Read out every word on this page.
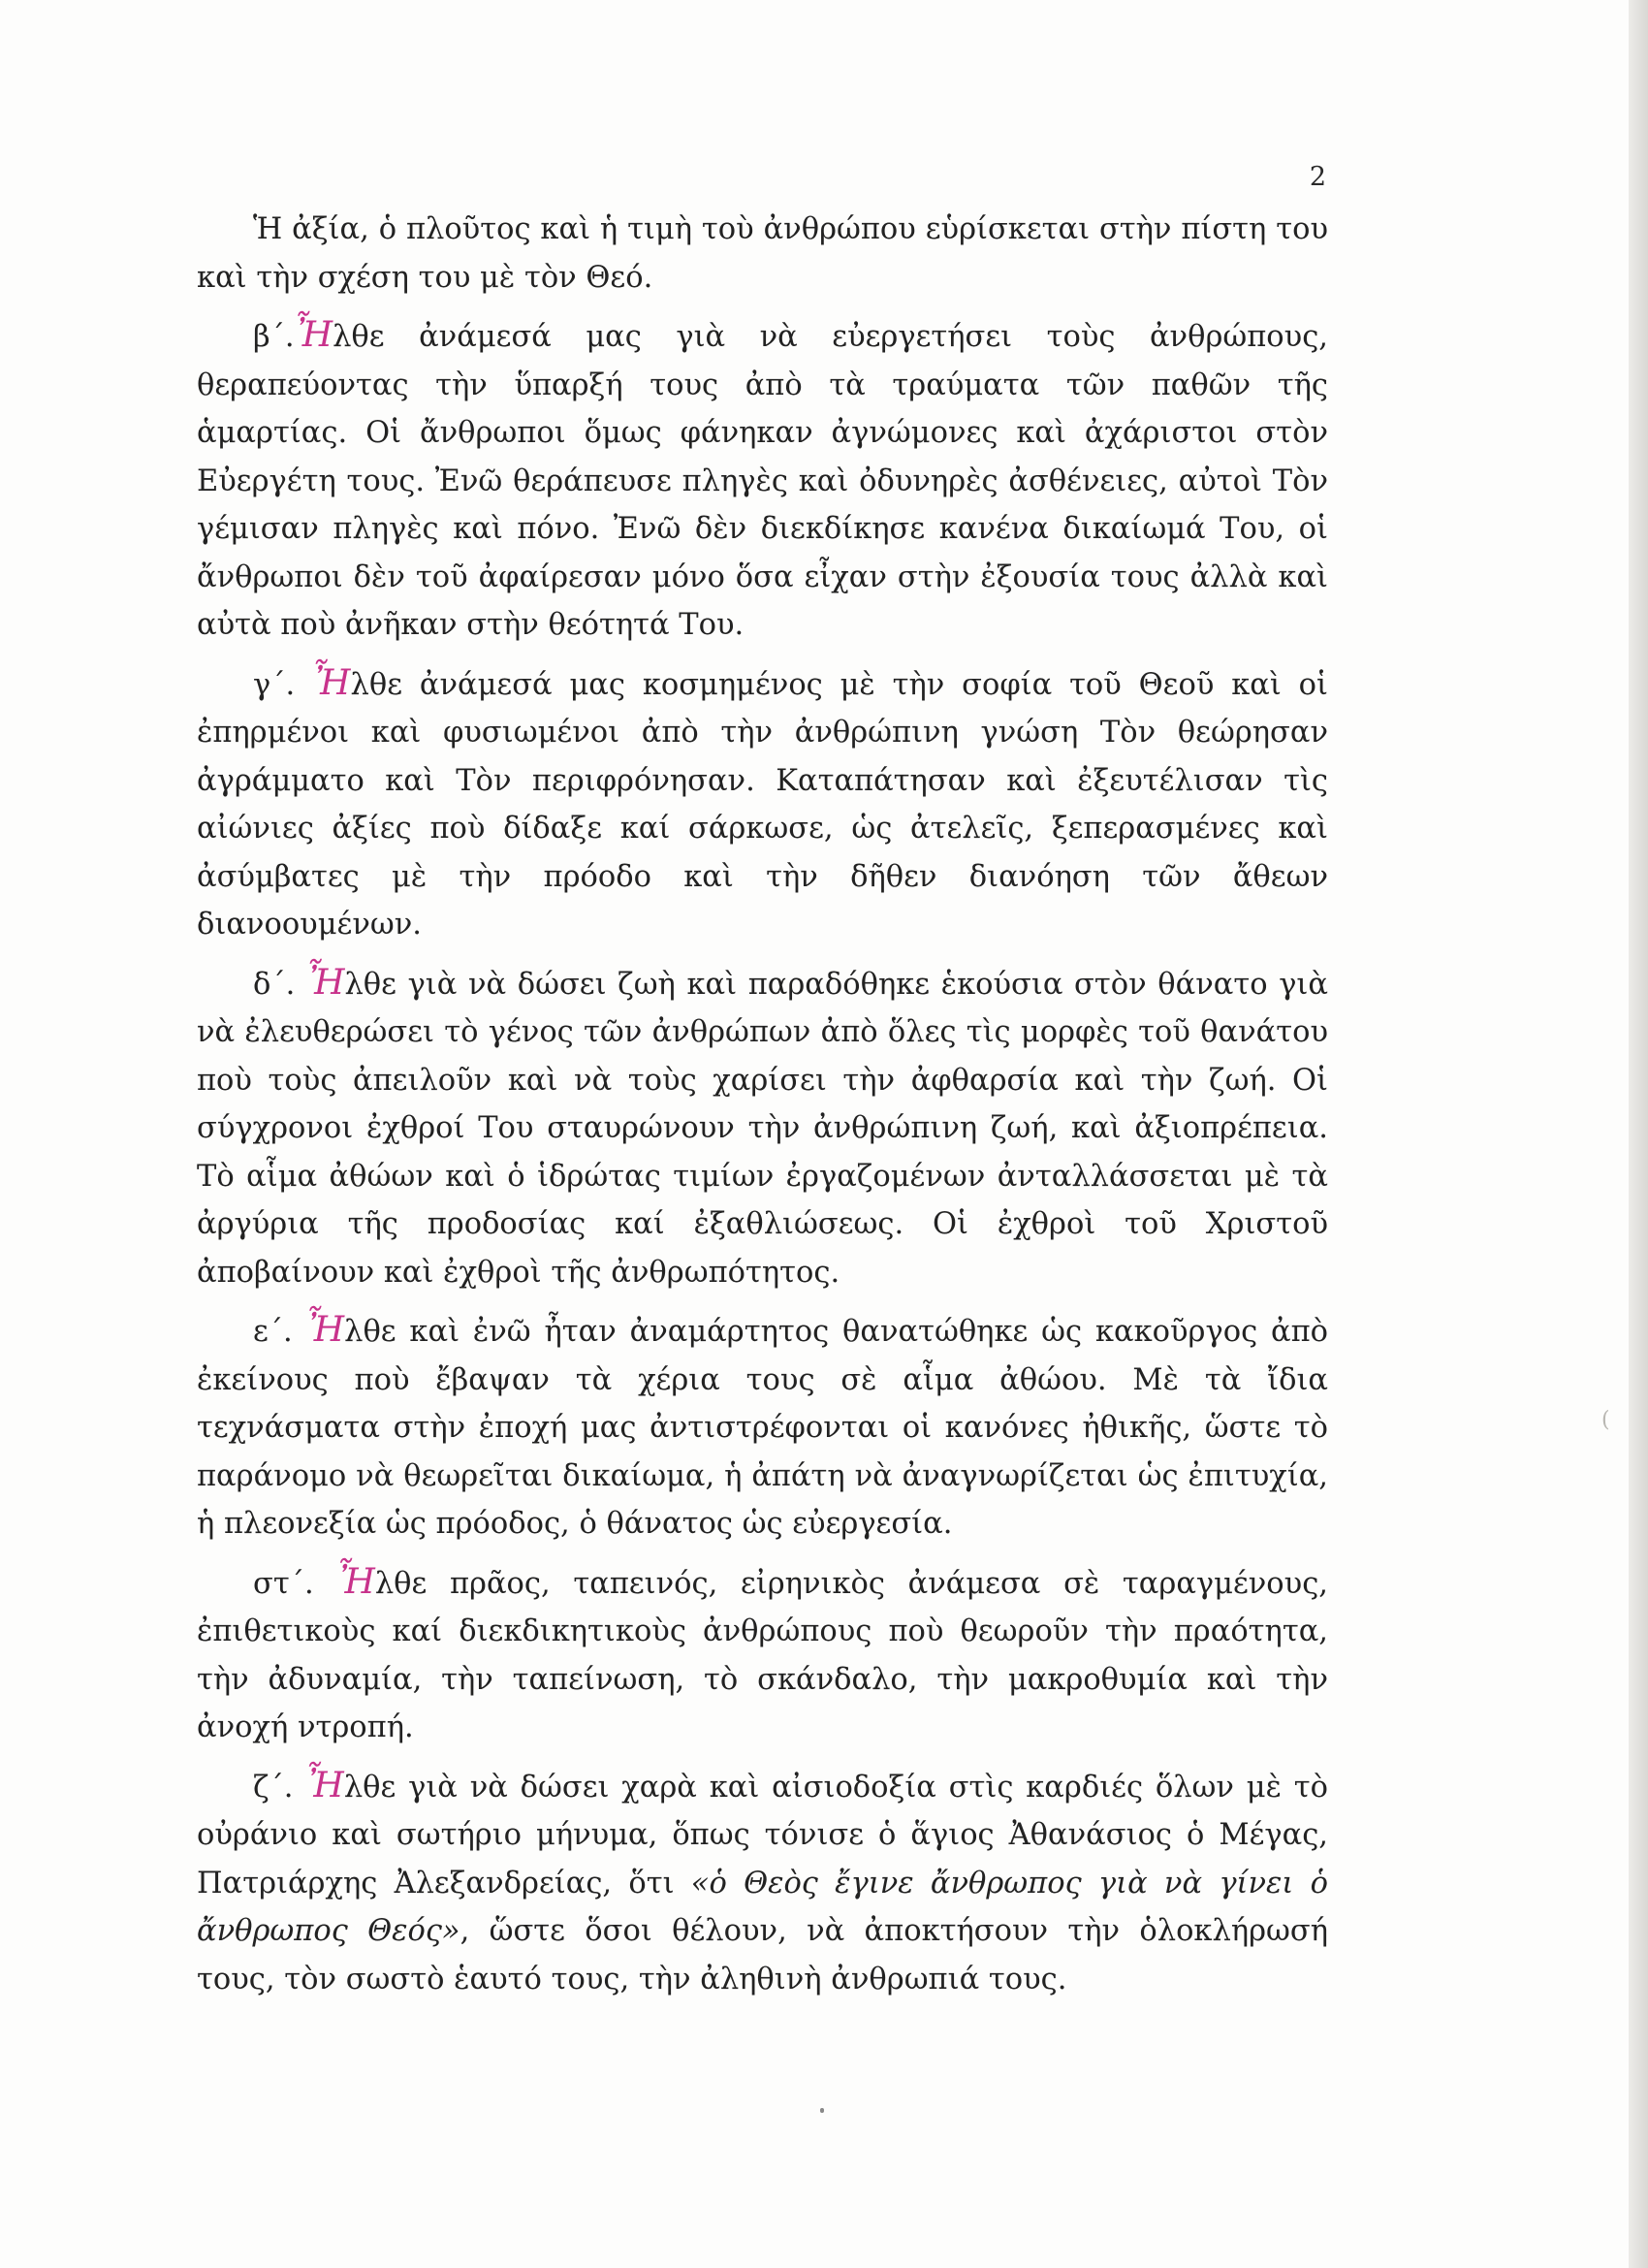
2

Ἡ ἀξία, ὁ πλοῦτος καὶ ἡ τιμὴ τοὺ ἀνθρώπου εὑρίσκεται στὴν πίστη του καὶ τὴν σχέση του μὲ τὸν Θεό.

β΄.Ἦλθε ἀνάμεσά μας γιὰ νὰ εὐεργετήσει τοὺς ἀνθρώπους, θεραπεύοντας τὴν ὕπαρξή τους ἀπὸ τὰ τραύματα τῶν παθῶν τῆς ἁμαρτίας. Οἱ ἄνθρωποι ὅμως φάνηκαν ἀγνώμονες καὶ ἀχάριστοι στὸν Εὐεργέτη τους. Ἐνῶ θεράπευσε πληγὲς καὶ ὀδυνηρὲς ἀσθένειες, αὐτοὶ Τὸν γέμισαν πληγὲς καὶ πόνο. Ἐνῶ δὲν διεκδίκησε κανένα δικαίωμά Του, οἱ ἄνθρωποι δὲν τοῦ ἀφαίρεσαν μόνο ὅσα εἶχαν στὴν ἐξουσία τους ἀλλὰ καὶ αὐτὰ ποὺ ἀνῆκαν στὴν θεότητά Του.

γ΄. Ἦλθε ἀνάμεσά μας κοσμημένος μὲ τὴν σοφία τοῦ Θεοῦ καὶ οἱ ἐπηρμένοι καὶ φυσιωμένοι ἀπὸ τὴν ἀνθρώπινη γνώση Τὸν θεώρησαν ἀγράμματο καὶ Τὸν περιφρόνησαν. Καταπάτησαν καὶ ἐξευτέλισαν τὶς αἰώνιες ἀξίες ποὺ δίδαξε καί σάρκωσε, ὡς ἀτελεῖς, ξεπερασμένες καὶ ἀσύμβατες μὲ τὴν πρόοδο καὶ τὴν δῆθεν διανόηση τῶν ἄθεων διανοουμένων.

δ΄. Ἦλθε γιὰ νὰ δώσει ζωὴ καὶ παραδόθηκε ἑκούσια στὸν θάνατο γιὰ νὰ ἐλευθερώσει τὸ γένος τῶν ἀνθρώπων ἀπὸ ὅλες τὶς μορφὲς τοῦ θανάτου ποὺ τοὺς ἀπειλοῦν καὶ νὰ τοὺς χαρίσει τὴν ἀφθαρσία καὶ τὴν ζωή. Οἱ σύγχρονοι ἐχθροί Του σταυρώνουν τὴν ἀνθρώπινη ζωή, καὶ ἀξιοπρέπεια. Τὸ αἷμα ἀθώων καὶ ὁ ἱδρώτας τιμίων ἐργαζομένων ἀνταλλάσσεται μὲ τὰ ἀργύρια τῆς προδοσίας καί ἐξαθλιώσεως. Οἱ ἐχθροὶ τοῦ Χριστοῦ ἀποβαίνουν καὶ ἐχθροὶ τῆς ἀνθρωπότητος.

ε΄. Ἦλθε καὶ ἐνῶ ἦταν ἀναμάρτητος θανατώθηκε ὡς κακοῦργος ἀπὸ ἐκείνους ποὺ ἔβαψαν τὰ χέρια τους σὲ αἷμα ἀθώου. Μὲ τὰ ἴδια τεχνάσματα στὴν ἐποχή μας ἀντιστρέφονται οἱ κανόνες ἠθικῆς, ὥστε τὸ παράνομο νὰ θεωρεῖται δικαίωμα, ἡ ἀπάτη νὰ ἀναγνωρίζεται ὡς ἐπιτυχία, ἡ πλεονεξία ὡς πρόοδος, ὁ θάνατος ὡς εὐεργεσία.

στ΄. Ἦλθε πρᾶος, ταπεινός, εἰρηνικὸς ἀνάμεσα σὲ ταραγμένους, ἐπιθετικοὺς καί διεκδικητικοὺς ἀνθρώπους ποὺ θεωροῦν τὴν πραότητα, τὴν ἀδυναμία, τὴν ταπείνωση, τὸ σκάνδαλο, τὴν μακροθυμία καὶ τὴν ἀνοχή ντροπή.

ζ΄. Ἦλθε γιὰ νὰ δώσει χαρὰ καὶ αἰσιοδοξία στὶς καρδιές ὅλων μὲ τὸ οὐράνιο καὶ σωτήριο μήνυμα, ὅπως τόνισε ὁ ἅγιος Ἀθανάσιος ὁ Μέγας, Πατριάρχης Ἀλεξανδρείας, ὅτι «ὁ Θεὸς ἔγινε ἄνθρωπος γιὰ νὰ γίνει ὁ ἄνθρωπος Θεός», ὥστε ὅσοι θέλουν, νὰ ἀποκτήσουν τὴν ὁλοκλήρωσή τους, τὸν σωστὸ ἑαυτό τους, τὴν ἀληθινὴ ἀνθρωπιά τους.

(
